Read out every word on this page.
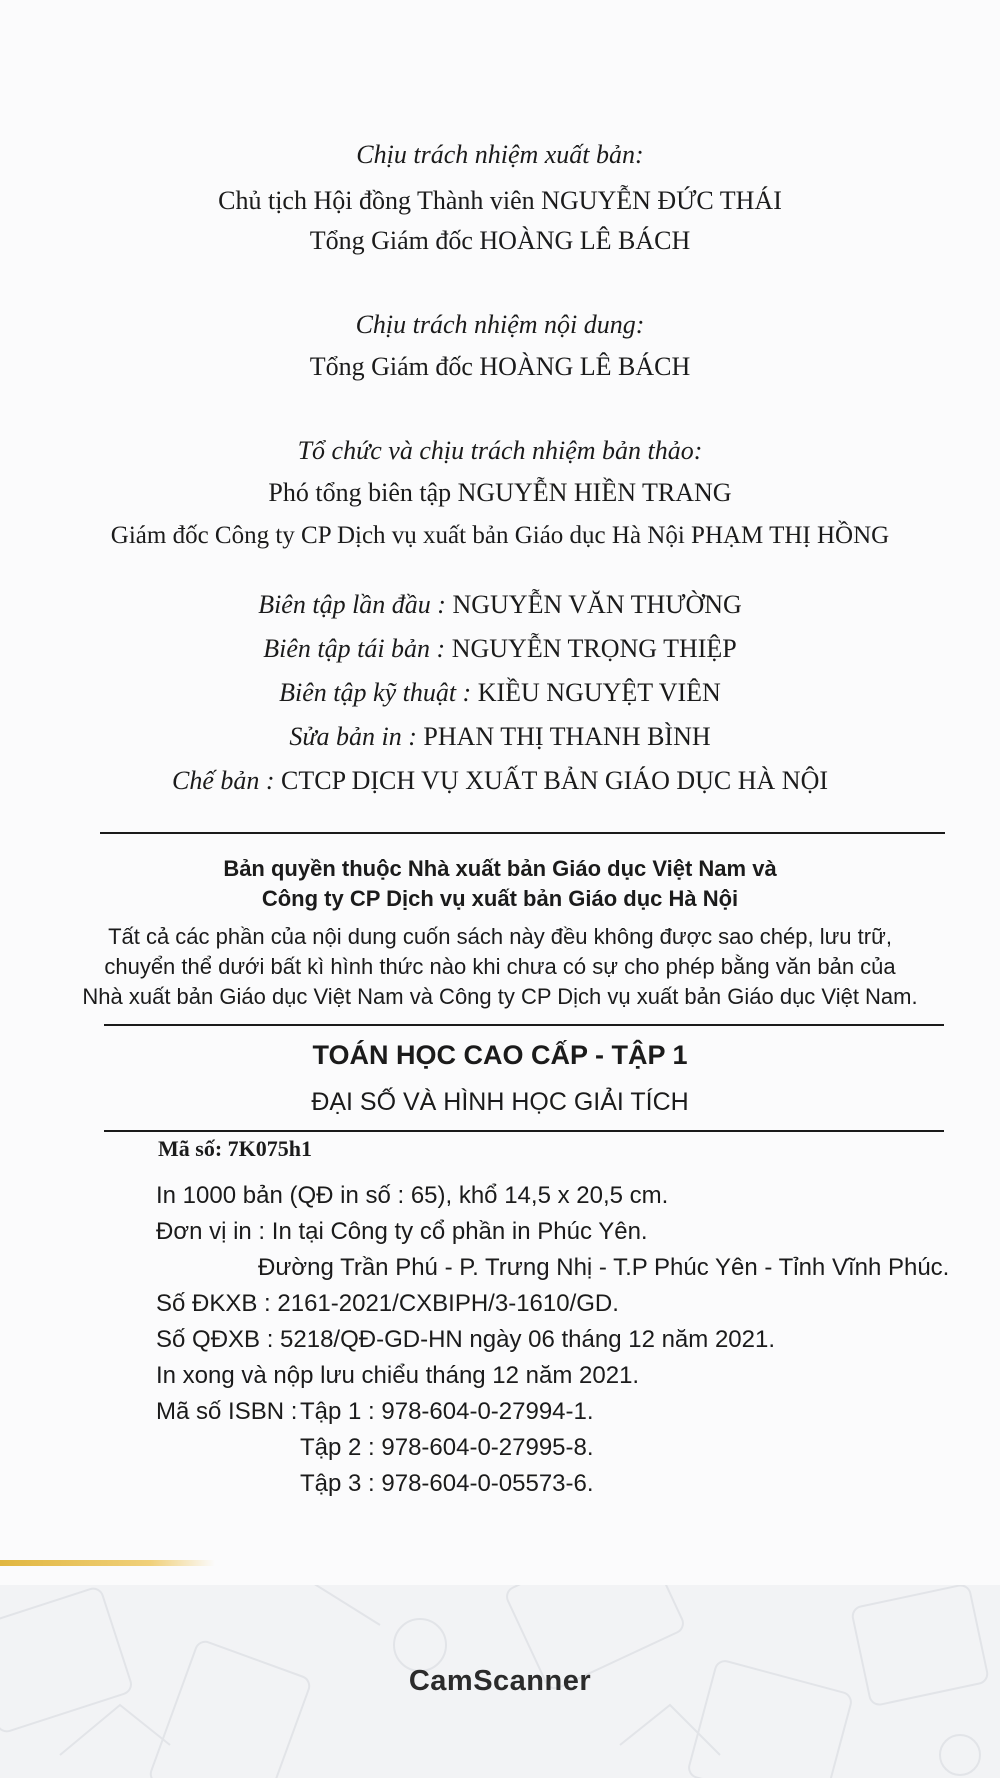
Chịu trách nhiệm xuất bản:
Chủ tịch Hội đồng Thành viên NGUYỄN ĐỨC THÁI
Tổng Giám đốc HOÀNG LÊ BÁCH
Chịu trách nhiệm nội dung:
Tổng Giám đốc HOÀNG LÊ BÁCH
Tổ chức và chịu trách nhiệm bản thảo:
Phó tổng biên tập NGUYỄN HIỀN TRANG
Giám đốc Công ty CP Dịch vụ xuất bản Giáo dục Hà Nội PHẠM THỊ HỒNG
Biên tập lần đầu : NGUYỄN VĂN THƯỜNG
Biên tập tái bản : NGUYỄN TRỌNG THIỆP
Biên tập kỹ thuật : KIỀU NGUYỆT VIÊN
Sửa bản in : PHAN THỊ THANH BÌNH
Chế bản : CTCP DỊCH VỤ XUẤT BẢN GIÁO DỤC HÀ NỘI
Bản quyền thuộc Nhà xuất bản Giáo dục Việt Nam và
Công ty CP Dịch vụ xuất bản Giáo dục Hà Nội
Tất cả các phần của nội dung cuốn sách này đều không được sao chép, lưu trữ,
chuyển thể dưới bất kì hình thức nào khi chưa có sự cho phép bằng văn bản của
Nhà xuất bản Giáo dục Việt Nam và Công ty CP Dịch vụ xuất bản Giáo dục Việt Nam.
TOÁN HỌC CAO CẤP - TẬP 1
ĐẠI SỐ VÀ HÌNH HỌC GIẢI TÍCH
Mã số: 7K075h1
In 1000 bản (QĐ in số : 65), khổ 14,5 x 20,5 cm.
Đơn vị in : In tại Công ty cổ phần in Phúc Yên.
Đường Trần Phú - P. Trưng Nhị - T.P Phúc Yên - Tỉnh Vĩnh Phúc.
Số ĐKXB : 2161-2021/CXBIPH/3-1610/GD.
Số QĐXB : 5218/QĐ-GD-HN ngày 06 tháng 12 năm 2021.
In xong và nộp lưu chiểu tháng 12 năm 2021.
Mã số ISBN : Tập 1 : 978-604-0-27994-1.
Tập 2 : 978-604-0-27995-8.
Tập 3 : 978-604-0-05573-6.
CamScanner
